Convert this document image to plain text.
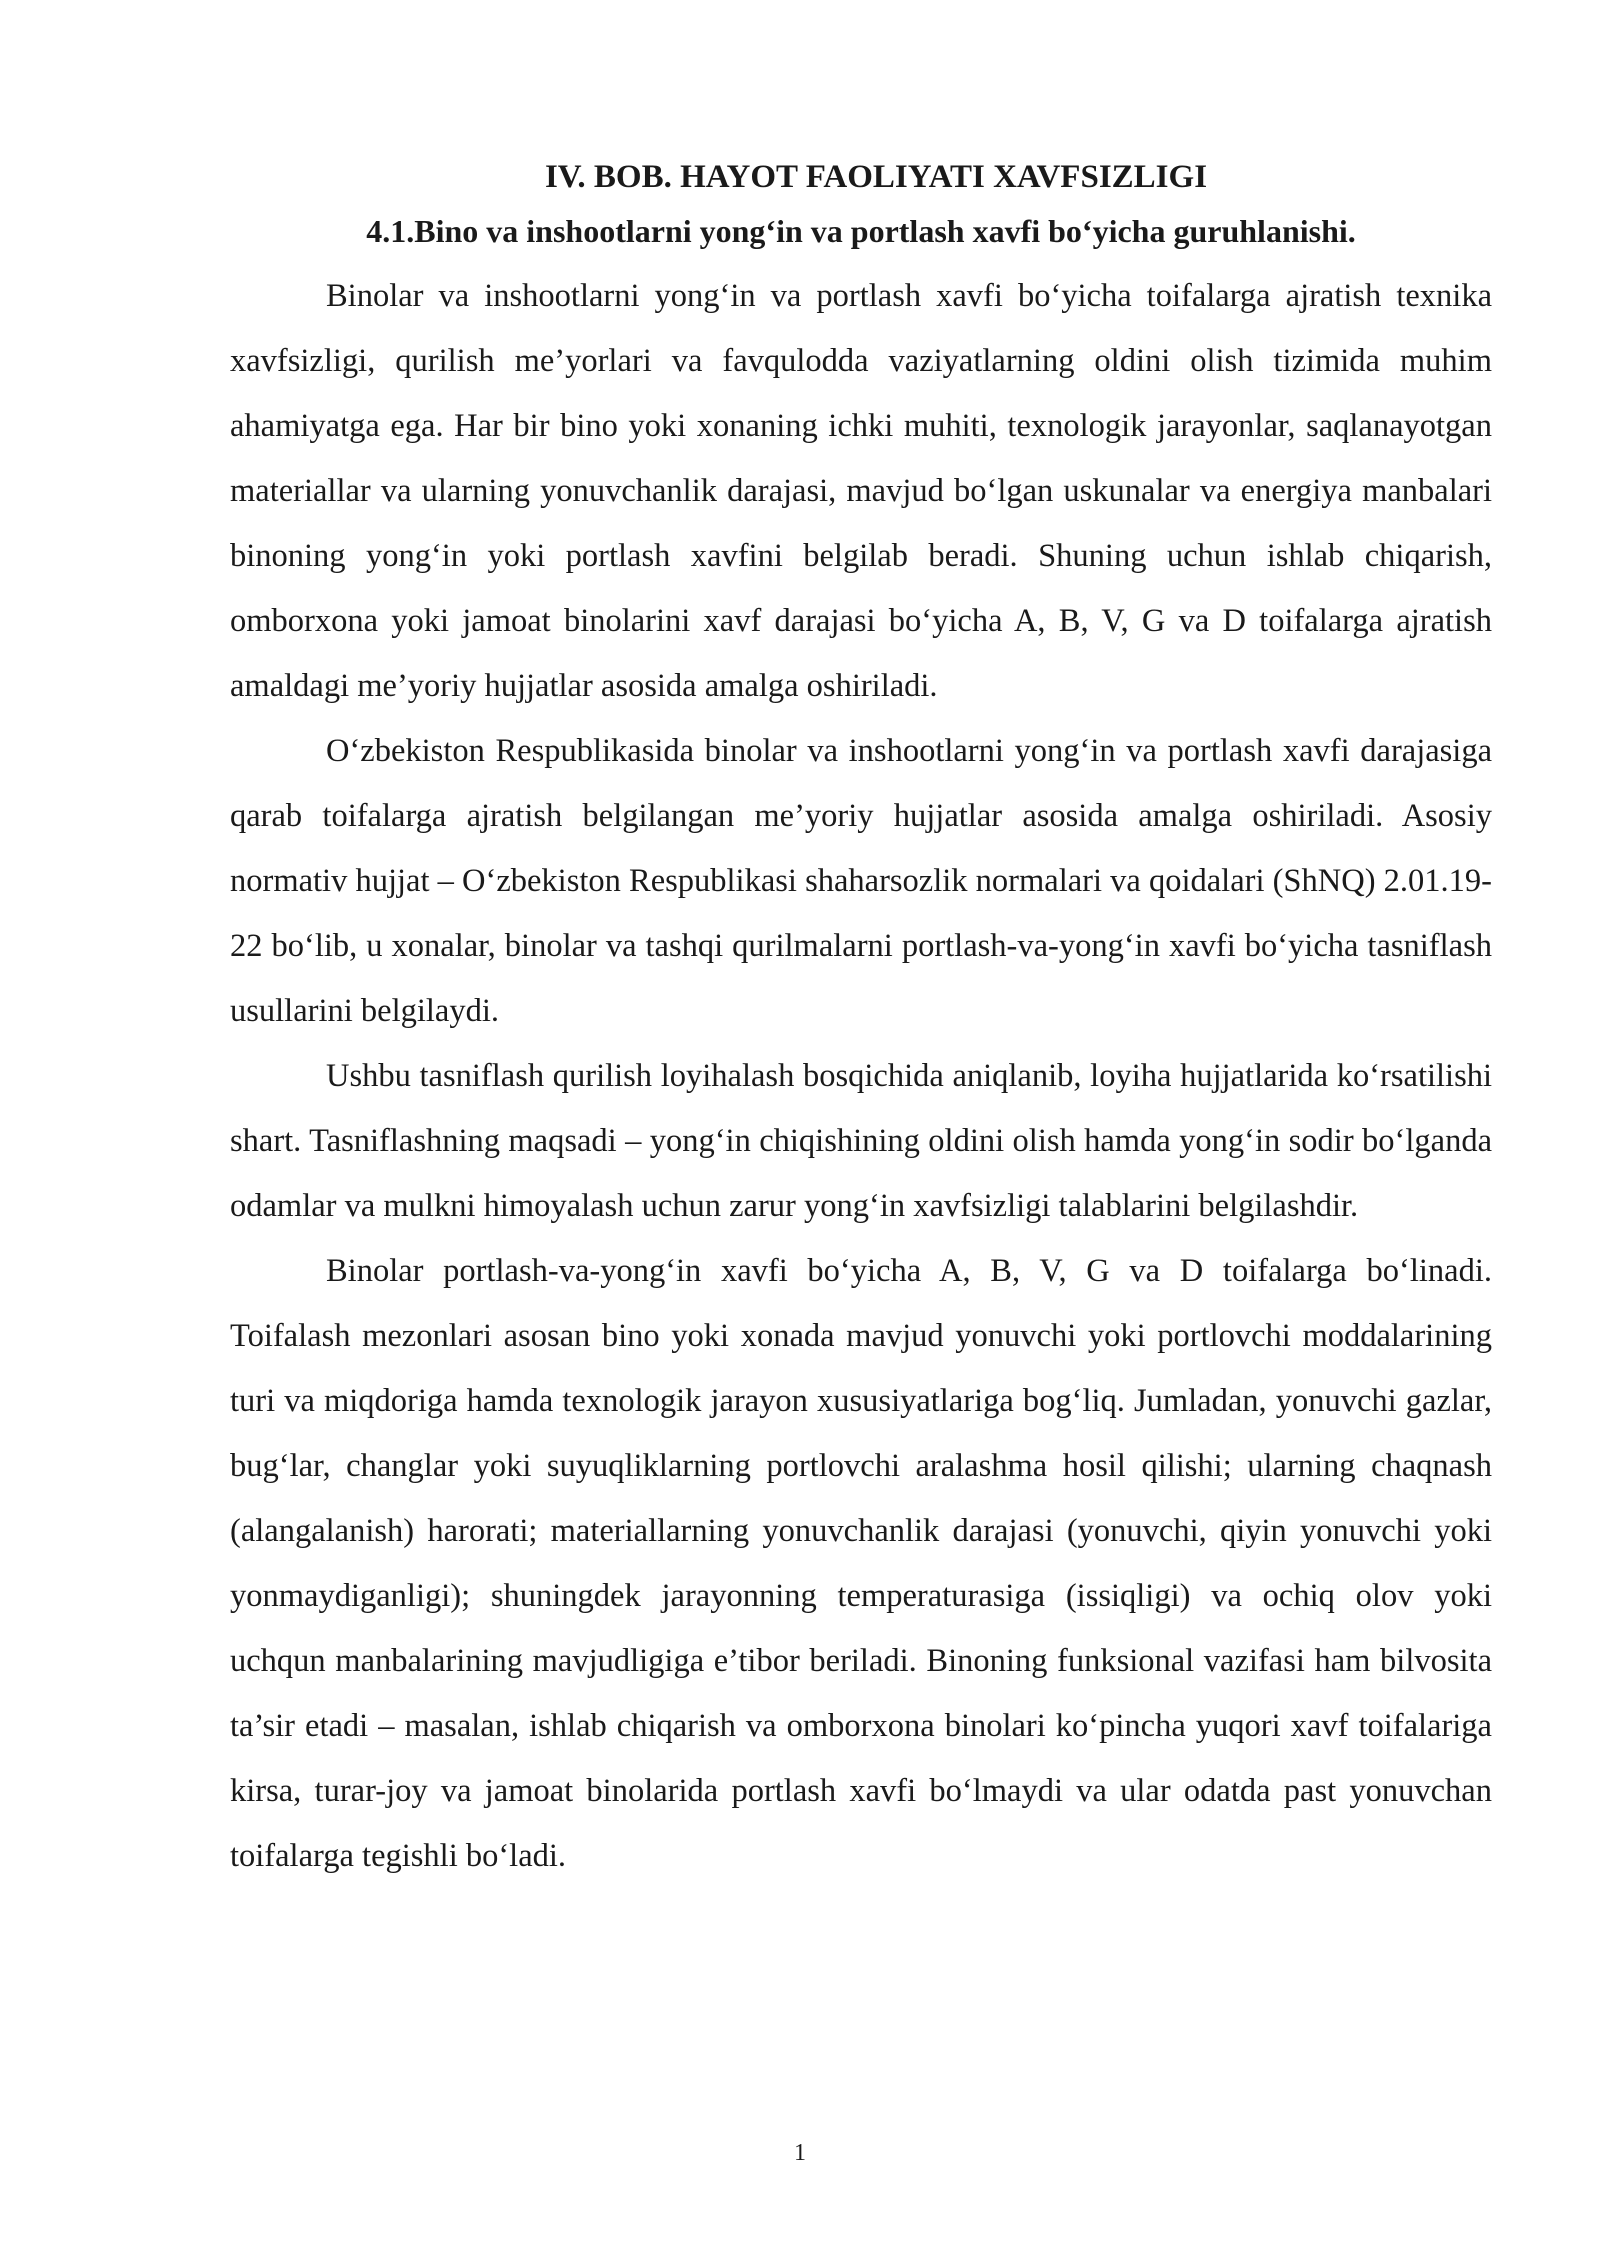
IV. BOB. HAYOT FAOLIYATI XAVFSIZLIGI
4.1.Bino va inshootlarni yong‘in va portlash xavfi bo‘yicha guruhlanishi.

Binolar va inshootlarni yong‘in va portlash xavfi bo‘yicha toifalarga ajratish texnika xavfsizligi, qurilish me’yorlari va favqulodda vaziyatlarning oldini olish tizimida muhim ahamiyatga ega. Har bir bino yoki xonaning ichki muhiti, texnologik jarayonlar, saqlanayotgan materiallar va ularning yonuvchanlik darajasi, mavjud bo‘lgan uskunalar va energiya manbalari binoning yong‘in yoki portlash xavfini belgilab beradi. Shuning uchun ishlab chiqarish, omborxona yoki jamoat binolarini xavf darajasi bo‘yicha A, B, V, G va D toifalarga ajratish amaldagi me’yoriy hujjatlar asosida amalga oshiriladi.

O‘zbekiston Respublikasida binolar va inshootlarni yong‘in va portlash xavfi darajasiga qarab toifalarga ajratish belgilangan me’yoriy hujjatlar asosida amalga oshiriladi. Asosiy normativ hujjat – O‘zbekiston Respublikasi shaharsozlik normalari va qoidalari (ShNQ) 2.01.19-22 bo‘lib, u xonalar, binolar va tashqi qurilmalarni portlash-va-yong‘in xavfi bo‘yicha tasniflash usullarini belgilaydi.

Ushbu tasniflash qurilish loyihalash bosqichida aniqlanib, loyiha hujjatlarida ko‘rsatilishi shart. Tasniflashning maqsadi – yong‘in chiqishining oldini olish hamda yong‘in sodir bo‘lganda odamlar va mulkni himoyalash uchun zarur yong‘in xavfsizligi talablarini belgilashdir.

Binolar portlash-va-yong‘in xavfi bo‘yicha A, B, V, G va D toifalarga bo‘linadi. Toifalash mezonlari asosan bino yoki xonada mavjud yonuvchi yoki portlovchi moddalarining turi va miqdoriga hamda texnologik jarayon xususiyatlariga bog‘liq. Jumladan, yonuvchi gazlar, bug‘lar, changlar yoki suyuqliklarning portlovchi aralashma hosil qilishi; ularning chaqnash (alangalanish) harorati; materiallarning yonuvchanlik darajasi (yonuvchi, qiyin yonuvchi yoki yonmaydiganligi); shuningdek jarayonning temperaturasiga (issiqligi) va ochiq olov yoki uchqun manbalarining mavjudligiga e’tibor beriladi. Binoning funksional vazifasi ham bilvosita ta’sir etadi – masalan, ishlab chiqarish va omborxona binolari ko‘pincha yuqori xavf toifalariga kirsa, turar-joy va jamoat binolarida portlash xavfi bo‘lmaydi va ular odatda past yonuvchan toifalarga tegishli bo‘ladi.

1
